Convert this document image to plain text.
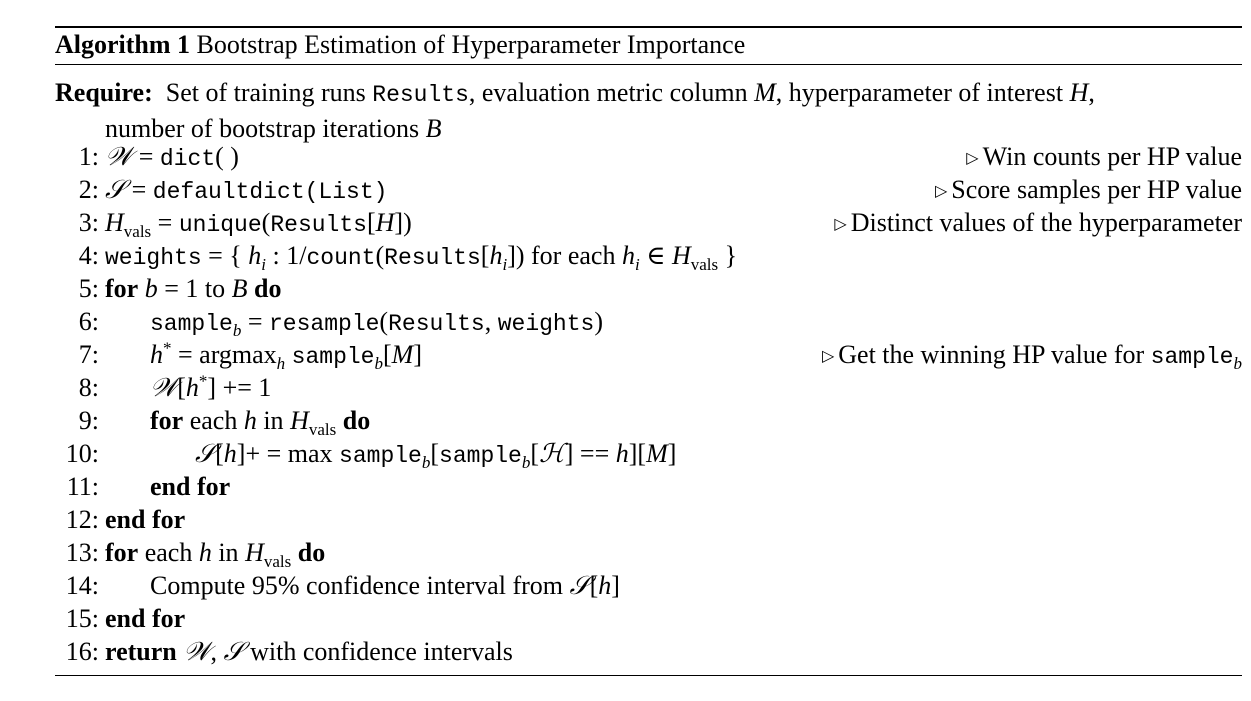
Algorithm 1 Bootstrap Estimation of Hyperparameter Importance
Require:  Set of training runs Results, evaluation metric column M, hyperparameter of interest H,
number of bootstrap iterations B
1: 𝒲 = dict( )	▷ Win counts per HP value
2: 𝒮 = defaultdict(List)	▷ Score samples per HP value
3: $H_{vals}$ = unique(Results[H])	▷ Distinct values of the hyperparameter
4: weights = { $h_i$ : $1/count(Results[h_i])$ for each $h_i$ ∈ $H_{vals}$ }
5: for b = 1 to B do
6: sample$_b$ = resample(Results, weights)
7: h* = argmax$_h$ sample$_b$[M]	▷ Get the winning HP value for sample$_b$
8: 𝒲[h*] += 1
9: for each h in $H_{vals}$ do
10:	𝒮[h]+ = max sample$_b$[sample$_b$[ℋ] == h][M]
11: end for
12: end for
13: for each h in $H_{vals}$ do
14: Compute 95% confidence interval from 𝒮[h]
15: end for
16: return 𝒲, 𝒮 with confidence intervals
